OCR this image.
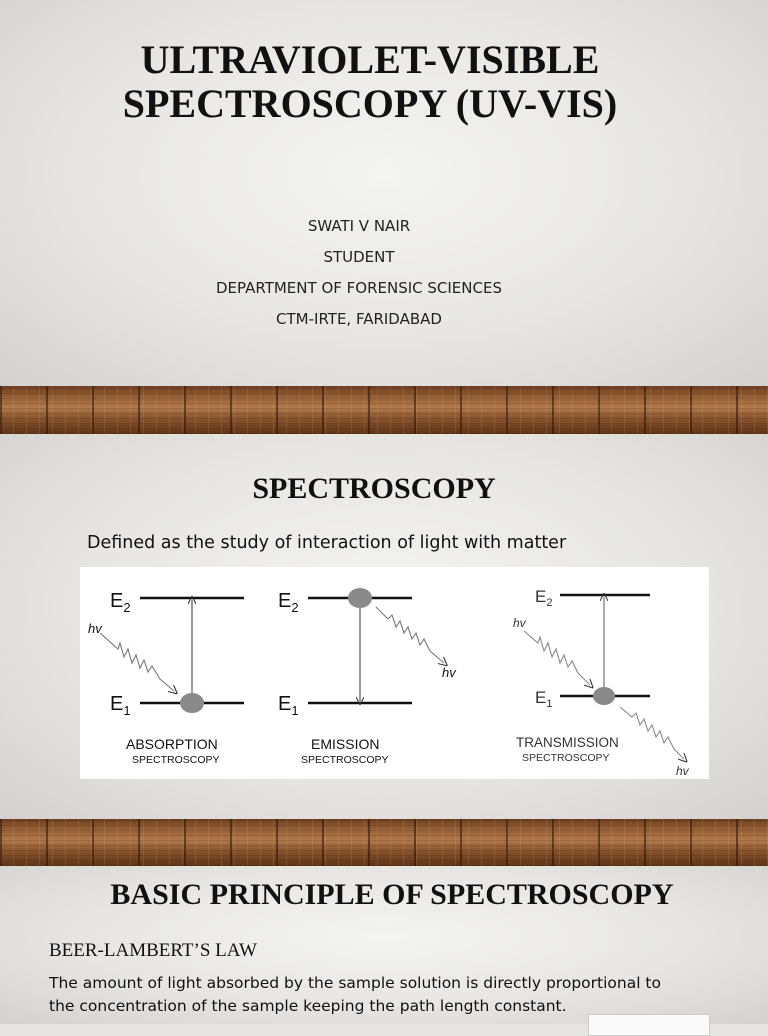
ULTRAVIOLET-VISIBLE
SPECTROSCOPY (UV-VIS)
SWATI V NAIR
STUDENT
DEPARTMENT OF FORENSIC SCIENCES
CTM-IRTE, FARIDABAD
SPECTROSCOPY
Defined as the study of interaction of light with matter
$E_2$
$E_1$
hv
ABSORPTION
SPECTROSCOPY
$E_2$
$E_1$
hv
EMISSION
SPECTROSCOPY
$E_2$
$E_1$
hv
hv
TRANSMISSION
SPECTROSCOPY
BASIC PRINCIPLE OF SPECTROSCOPY
BEER-LAMBERT’S LAW
The amount of light absorbed by the sample solution is directly proportional to the concentration of the sample keeping the path length constant.
